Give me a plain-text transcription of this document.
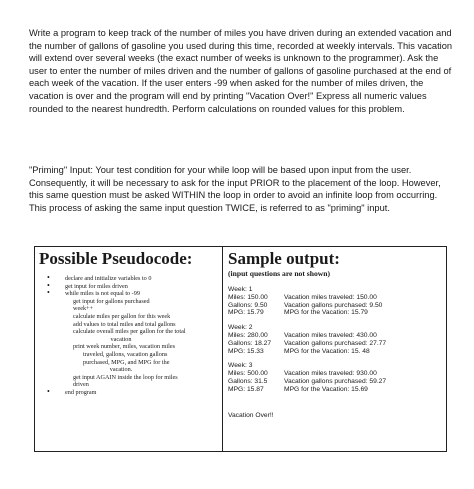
Write a program to keep track of the number of miles you have driven during an extended vacation and the number of gallons of gasoline you used during this time, recorded at weekly intervals. This vacation will extend over several weeks (the exact number of weeks is unknown to the programmer). Ask the user to enter the number of miles driven and the number of gallons of gasoline purchased at the end of each week of the vacation. If the user enters -99 when asked for the number of miles driven, the vacation is over and the program will end by printing "Vacation Over!" Express all numeric values rounded to the nearest hundredth. Perform calculations on rounded values for this problem.

"Priming" Input: Your test condition for your while loop will be based upon input from the user. Consequently, it will be necessary to ask for the input PRIOR to the placement of the loop. However, this same question must be asked WITHIN the loop in order to avoid an infinite loop from occurring. This process of asking the same input question TWICE, is referred to as "priming" input.

Possible Pseudocode:
• declare and initialize variables to 0
• get input for miles driven
• while miles is not equal to -99
get input for gallons purchased
week++
calculate miles per gallon for this week
add values to total miles and total gallons
calculate overall miles per gallon for the total
vacation
print week number, miles, vacation miles
traveled, gallons, vacation gallons
purchased, MPG, and MPG for the
vacation.
get input AGAIN inside the loop for miles
driven
• end program
Sample output:
(input questions are not shown)
Week: 1
Miles: 150.00	Vacation miles traveled: 150.00
Gallons: 9.50	Vacation gallons purchased: 9.50
MPG: 15.79	MPG for the Vacation: 15.79
Week: 2
Miles: 280.00	Vacation miles traveled: 430.00
Gallons: 18.27	Vacation gallons purchased: 27.77
MPG: 15.33	MPG for the Vacation: 15. 48
Week: 3
Miles: 500.00	Vacation miles traveled: 930.00
Gallons: 31.5	Vacation gallons purchased: 59.27
MPG: 15.87	MPG for the Vacation: 15.69
Vacation Over!!
